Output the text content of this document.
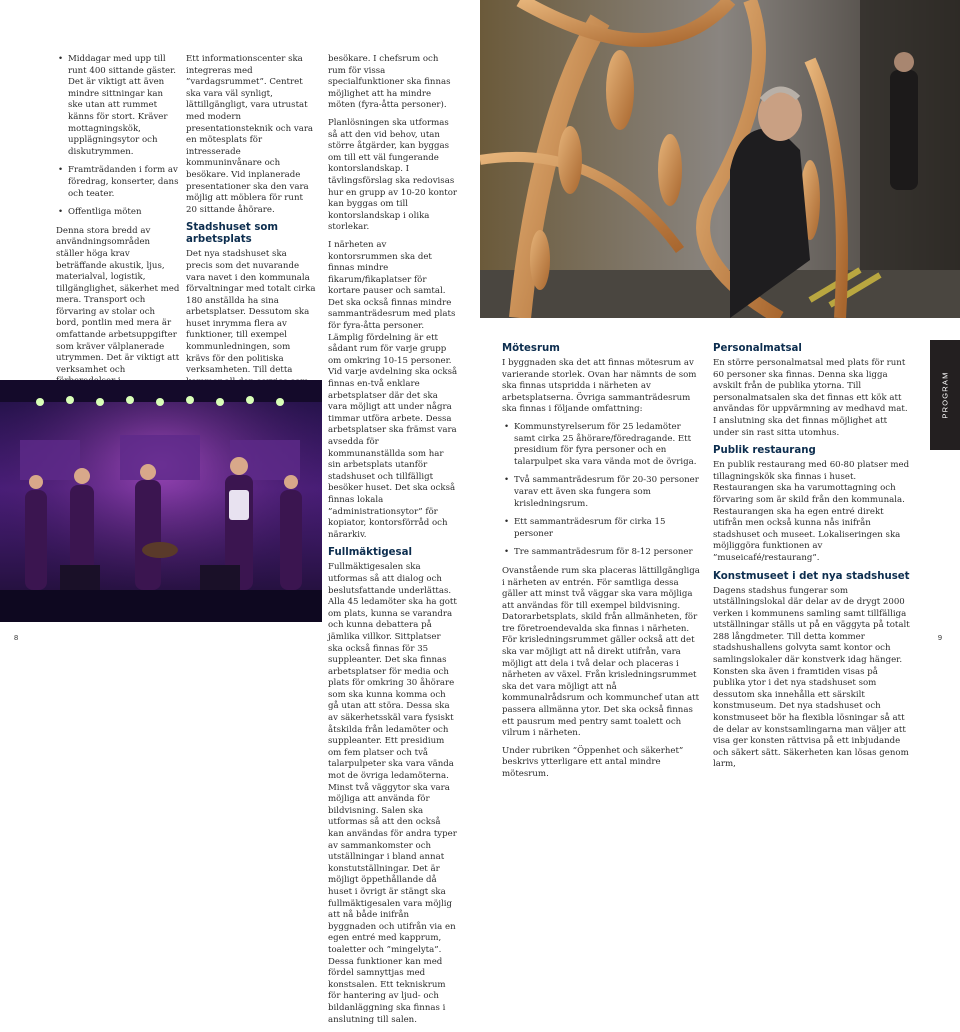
• Middagar med upp till runt 400 sittande gäster. Det är viktigt att även mindre sittningar kan ske utan att rummet känns för stort. Kräver mottagningskök, upplägningsytor och diskutrymmen.
• Framträdanden i form av föredrag, konserter, dans och teater.
• Offentliga möten

Denna stora bredd av användningsområden ställer höga krav beträffande akustik, ljus, materialval, logistik, tillgänglighet, säkerhet med mera. Transport och förvaring av stolar och bord, pontlin med mera är omfattande arbetsuppgifter som kräver välplanerade utrymmen. Det är viktigt att verksamhet och

Ett informationscenter ska integreras med ”vardagsrummet”. Centret ska vara väl synligt, lättillgängligt, vara utrustat med modern presentationsteknik och vara en mötesplats för intresserade kommuninvånare och besökare. Vid inplanerade presentationer ska den vara möjlig att möblera för runt 20 sittande åhörare.

Stadshuset som arbetsplats

Det nya stadshuset ska precis som det nuvarande vara navet i den kommunala förvaltningar med totalt cirka 180 anställda ha sina arbetsplatser. Dessutom ska huset inrymma flera av funktioner, till exempel kommunledningen, som krävs för den politiska verksamheten. Till detta

8

besökare. I chefsrum och rum för vissa specialfunktioner ska finnas möjlighet att ha mindre möten (fyra-åtta personer).

Planlösningen ska utformas så att den vid behov, utan större åtgärder, kan byggas om till ett väl fungerande kontorslandskap. I tävlingsförslag ska redovisas hur en grupp av 10-20 kontor kan byggas om till kontorslandskap i olika storlekar.

I närheten av kontorsrummen ska det finnas mindre fikarum/fikaplatser för kortare pauser och samtal. Det ska också finnas mindre sammanträdesrum med plats för fyra-åtta personer. Lämplig fördelning är ett sådant rum för varje grupp om omkring 10-15 personer. Vid varje avdelning ska också finnas en-två enklare arbetsplatser där det ska vara möjligt att under några timmar utföra arbete. Dessa arbetsplatser ska främst vara avsedda för kommunanställda som har sin arbetsplats utanför stadshuset och tillfälligt besöker huset. Det ska också finnas lokala ”administrationsytor” för kopiator, kontorsförråd och närarkiv.

Fullmäktigesal

Fullmäktigesalen ska utformas så att dialog och beslutsfattande underlättas. Alla 45 ledamöter ska ha gott om plats, kunna se varandra och kunna debattera på jämlika villkor. Sittplatser ska också finnas för 35 suppleanter. Det ska finnas arbetsplatser för media och plats för omkring 30 åhörare som ska kunna komma och gå utan att störa. Dessa ska av säkerhetsskäl vara fysiskt åtskilda från ledamöter och suppleanter. Ett presidium om fem platser och två talarpulpeter ska vara vända mot de övriga ledamöterna. Minst två väggytor ska vara möjliga att använda för bildvisning. Salen ska utformas så att den också kan användas för andra typer av sammankomster och utställningar i bland annat konstutställningar. Det är möjligt öppethållande då huset i övrigt är stängt ska fullmäktigesalen vara möjlig att nå både inifrån byggnaden och utifrån via en egen entré med kapprum, toaletter och ”mingelyta”. Dessa funktioner kan med fördel samnyttjas med konstsalen. Ett tekniskrum för hantering av ljud- och bildanläggning ska finnas i anslutning till salen.

Mötesrum

I byggnaden ska det att finnas mötesrum av varierande storlek. Ovan har nämnts de som ska finnas utspridda i närheten av arbetsplatserna. Övriga sammanträdesrum ska finnas i följande omfattning:

• Kommunstyrelserum för 25 ledamöter samt cirka 25 åhörare/föredragande. Ett presidium för fyra personer och en talarpulpet ska vara vända mot de övriga.
• Två sammanträdesrum för 20-30 personer varav ett även ska fungera som krisledningsrum.
• Ett sammanträdesrum för cirka 15 personer
• Tre sammanträdesrum för 8-12 personer

Ovanstående rum ska placeras lättillgängliga i närheten av entrén. För samtliga dessa gäller att minst två väggar ska vara möjliga att användas för till exempel bildvisning. Datorarbetsplats, skild från allmänheten, för tre företroendevalda ska finnas i närheten. För krisledningsrummet gäller också att det ska var möjligt att nå direkt utifrån, vara möjligt att dela i två delar och placeras i närheten av växel. Från krisledningsrummet ska det vara möjligt att nå kommunalrådsrum och kommunchef utan att passera allmänna ytor. Det ska också finnas ett pausrum med pentry samt toalett och vilrum i närheten.

Under rubriken ”Öppenhet och säkerhet” beskrivs ytterligare ett antal mindre mötesrum.

Personalmatsal

En större personalmatsal med plats för runt 60 personer ska finnas. Denna ska ligga avskilt från de publika ytorna. Till personalmatsalen ska det finnas ett kök att användas för uppvärmning av medhavd mat. I anslutning ska det finnas möjlighet att under sin rast sitta utomhus.

Publik restaurang

En publik restaurang med 60-80 platser med tillagningskök ska finnas i huset. Restaurangen ska ha varumottagning och förvaring som är skild från den kommunala. Restaurangen ska ha egen entré direkt utifrån men också kunna nås inifrån stadshuset och museet. Lokaliseringen ska möjliggöra funktionen av ”museicafé/restaurang”.

Konstmuseet i det nya stadshuset

Dagens stadshus fungerar som utställningslokal där delar av de drygt 2000 verken i kommunens samling samt tillfälliga utställningar ställs ut på en väggyta på totalt 288 långdmeter. Till detta kommer stadshushallens golvyta samt kontor och samlingslokaler där konstverk idag hänger. Konsten ska även i framtiden visas på publika ytor i det nya stadshuset som dessutom ska innehålla ett särskilt konstmuseum. Det nya stadshuset och konstmuseet bör ha flexibla lösningar så att de delar av konstsamlingarna man väljer att visa ger konsten rättvisa på ett inbjudande och säkert sätt. Säkerheten kan lösas genom larm,

PROGRAM
9
